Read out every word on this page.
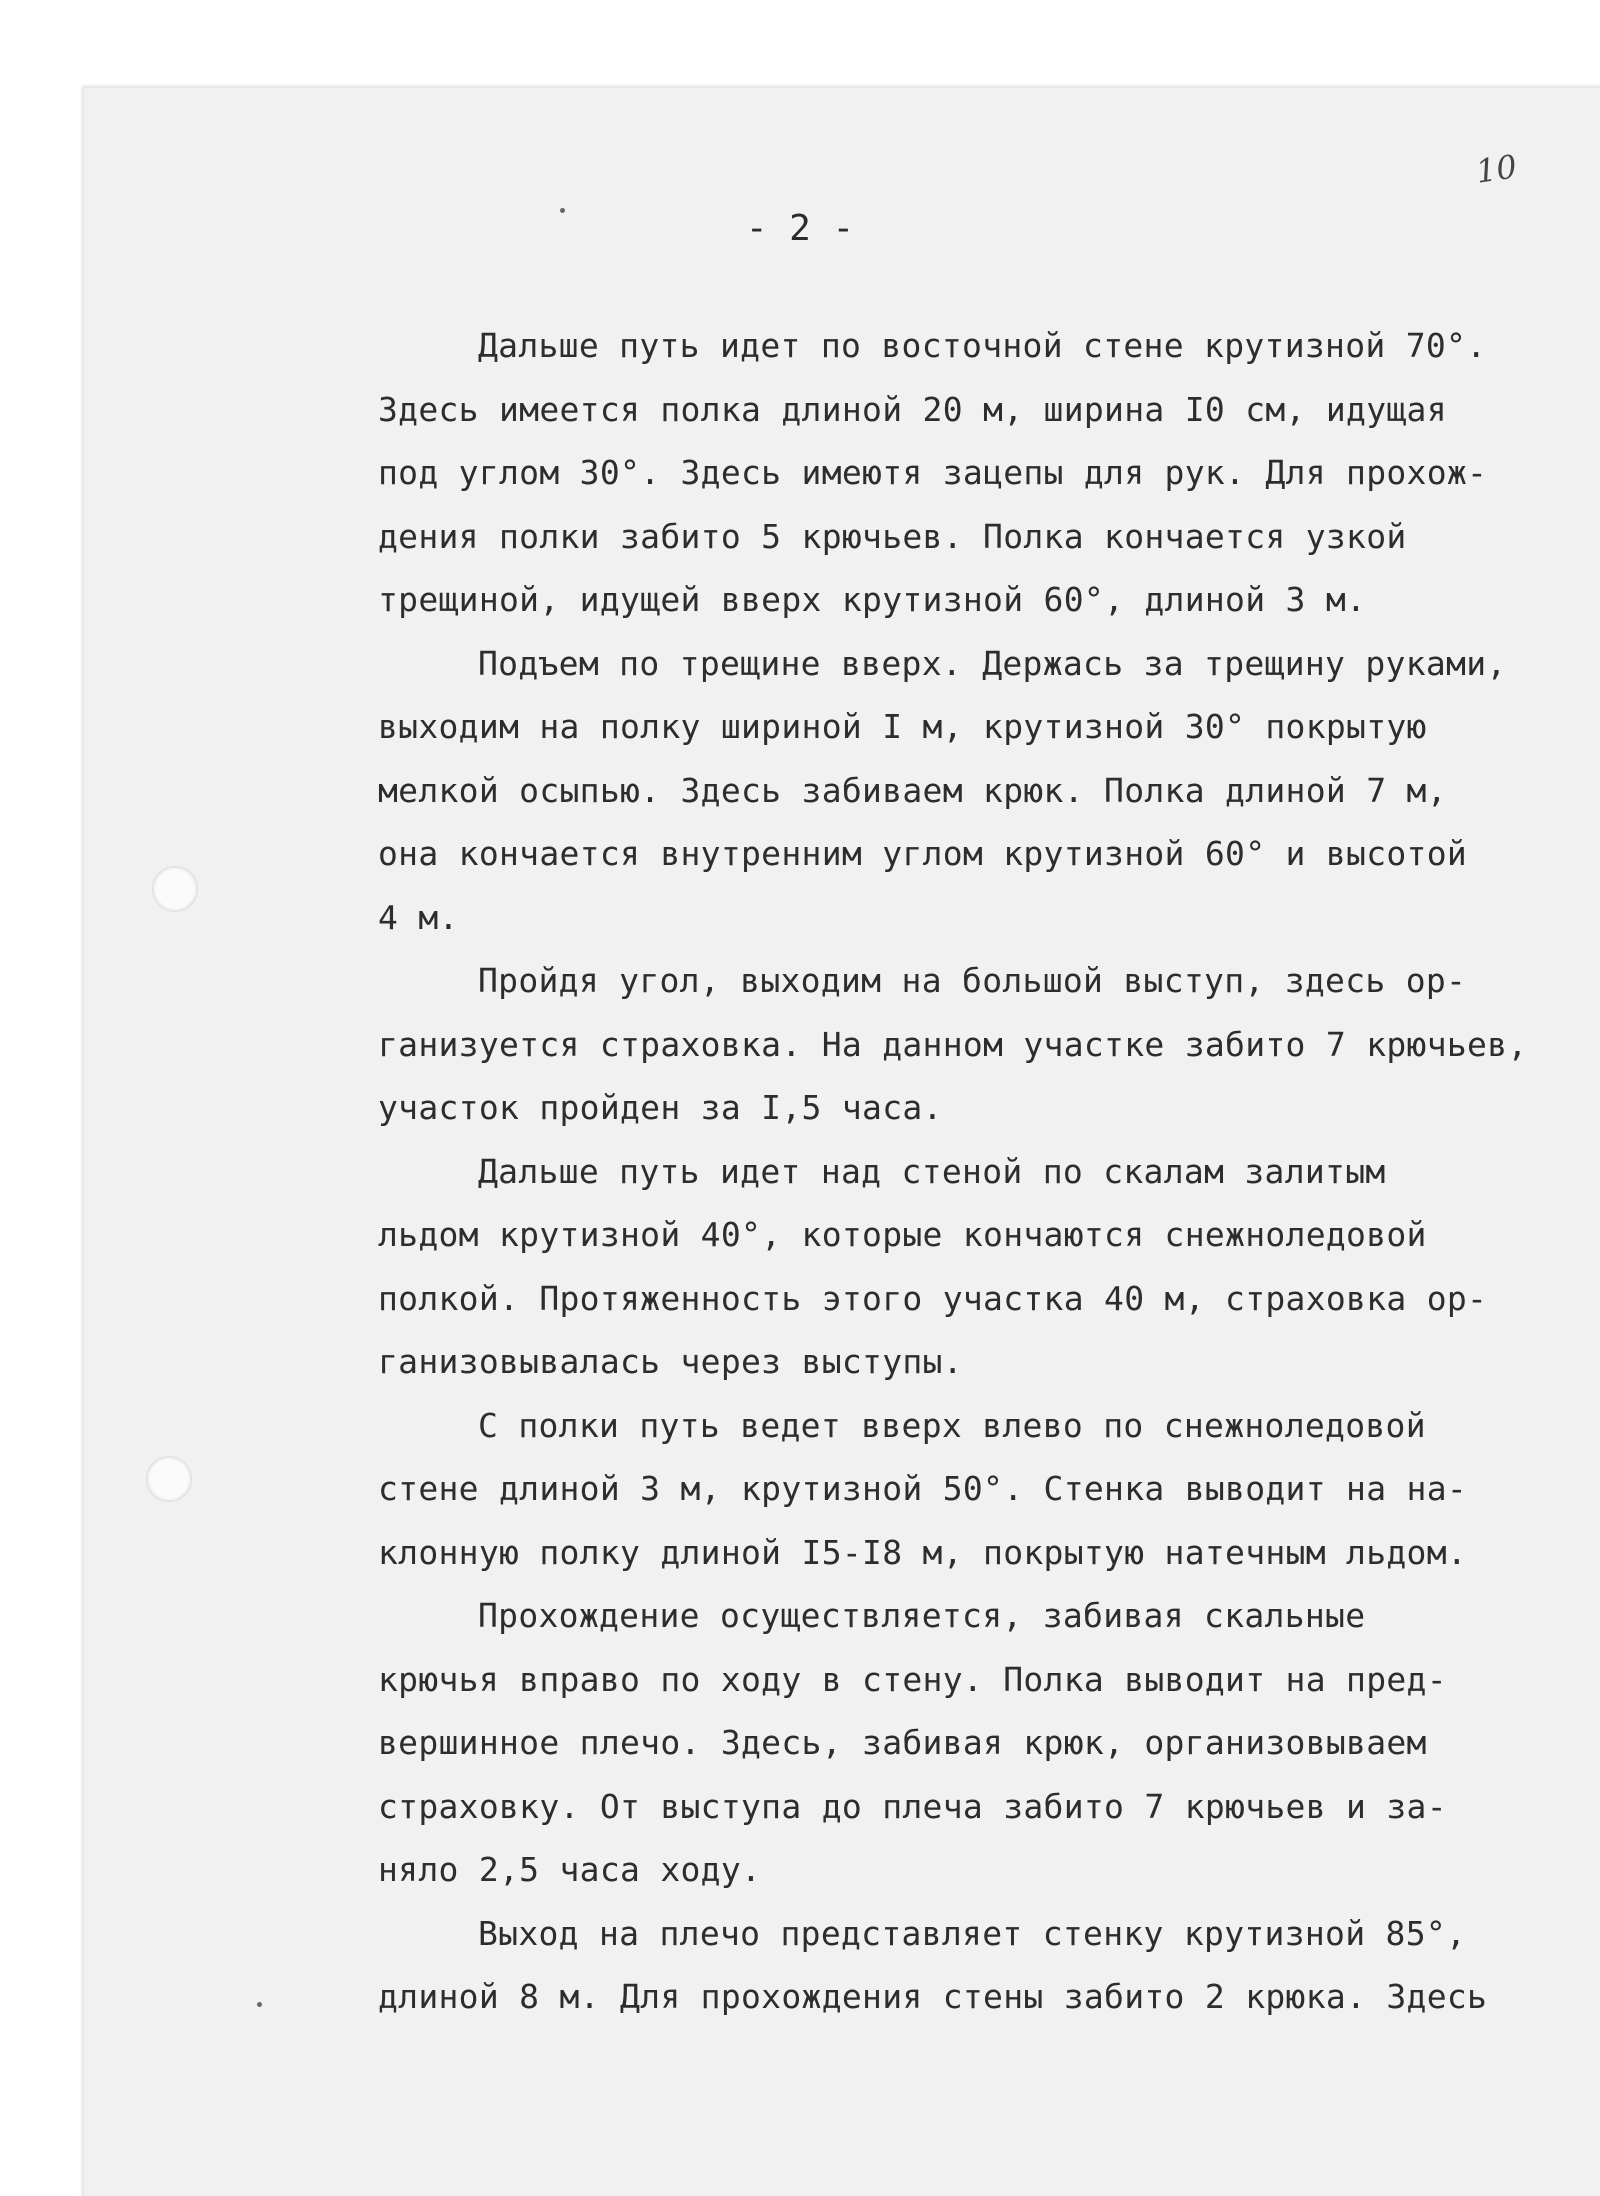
10
- 2 -
Дальше путь идет по восточной стене крутизной 70°.
Здесь имеется полка длиной 20 м, ширина I0 см, идущая
под углом 30°. Здесь имеютя зацепы для рук. Для прохож-
дения полки забито 5 крючьев. Полка кончается узкой
трещиной, идущей вверх крутизной 60°, длиной 3 м.
Подъем по трещине вверх. Держась за трещину руками,
выходим на полку шириной I м, крутизной 30° покрытую
мелкой осыпью. Здесь забиваем крюк. Полка длиной 7 м,
она кончается внутренним углом крутизной 60° и высотой
4 м.
Пройдя угол, выходим на большой выступ, здесь ор-
ганизуется страховка. На данном участке забито 7 крючьев,
участок пройден за I,5 часа.
Дальше путь идет над стеной по скалам залитым
льдом крутизной 40°, которые кончаются снежноледовой
полкой. Протяженность этого участка 40 м, страховка ор-
ганизовывалась через выступы.
С полки путь ведет вверх влево по снежноледовой
стене длиной 3 м, крутизной 50°. Стенка выводит на на-
клонную полку длиной I5-I8 м, покрытую натечным льдом.
Прохождение осуществляется, забивая скальные
крючья вправо по ходу в стену. Полка выводит на пред-
вершинное плечо. Здесь, забивая крюк, организовываем
страховку. От выступа до плеча забито 7 крючьев и за-
няло 2,5 часа ходу.
Выход на плечо представляет стенку крутизной 85°,
длиной 8 м. Для прохождения стены забито 2 крюка. Здесь
